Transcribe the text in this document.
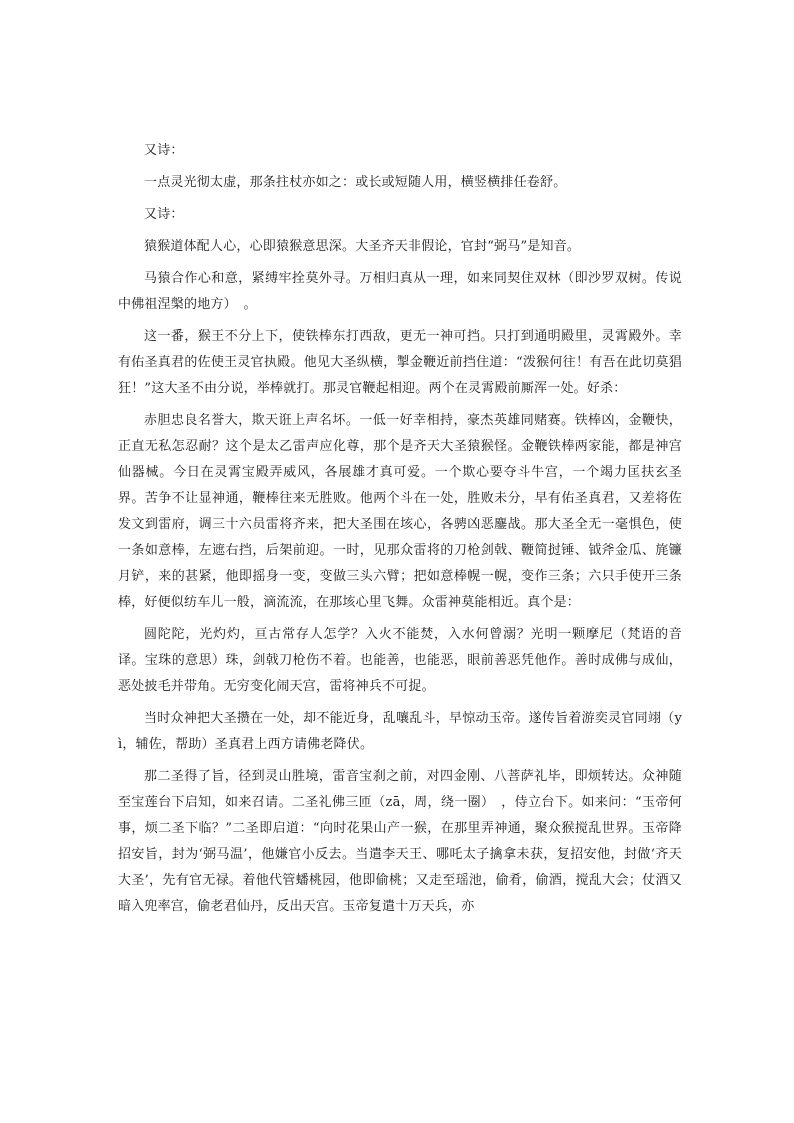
又诗：

一点灵光彻太虚，那条拄杖亦如之：或长或短随人用，横竖横排任卷舒。

又诗：

猿猴道体配人心，心即猿猴意思深。大圣齐天非假论，官封“弼马”是知音。

马猿合作心和意，紧缚牢拴莫外寻。万相归真从一理，如来同契住双林（即沙罗双树。传说中佛祖涅槃的地方）　。

这一番，猴王不分上下，使铁棒东打西敌，更无一神可挡。只打到通明殿里，灵霄殿外。幸有佑圣真君的佐使王灵官执殿。他见大圣纵横，掣金鞭近前挡住道：“泼猴何往！有吾在此切莫猖狂！”这大圣不由分说，举棒就打。那灵官鞭起相迎。两个在灵霄殿前厮浑一处。好杀：

赤胆忠良名誉大，欺天诳上声名坏。一低一好幸相持，豪杰英雄同赌赛。铁棒凶，金鞭快，正直无私怎忍耐？这个是太乙雷声应化尊，那个是齐天大圣猿猴怪。金鞭铁棒两家能，都是神宫仙器械。今日在灵霄宝殿弄威风，各展雄才真可爱。一个欺心要夺斗牛宫，一个竭力匡扶玄圣界。苦争不让显神通，鞭棒往来无胜败。他两个斗在一处，胜败未分，早有佑圣真君，又差将佐发文到雷府，调三十六员雷将齐来，把大圣围在垓心，各骋凶恶鏖战。那大圣全无一毫惧色，使一条如意棒，左遮右挡，后架前迎。一时，见那众雷将的刀枪剑戟、鞭简挝锤、钺斧金瓜、旄镰月铲，来的甚紧，他即摇身一变，变做三头六臂；把如意棒幌一幌，变作三条；六只手使开三条棒，好便似纺车儿一般，滴流流，在那垓心里飞舞。众雷神莫能相近。真个是：

圆陀陀，光灼灼，亘古常存人怎学？入火不能焚，入水何曾溺？光明一颗摩尼（梵语的音译。宝珠的意思）珠，剑戟刀枪伤不着。也能善，也能恶，眼前善恶凭他作。善时成佛与成仙，恶处披毛并带角。无穷变化闹天宫，雷将神兵不可捉。

当时众神把大圣攒在一处，却不能近身，乱嚷乱斗，早惊动玉帝。遂传旨着游奕灵官同翊（yì，辅佐，帮助）圣真君上西方请佛老降伏。

那二圣得了旨，径到灵山胜境，雷音宝刹之前，对四金刚、八菩萨礼毕，即烦转达。众神随至宝莲台下启知，如来召请。二圣礼佛三匝（zā，周，绕一圈）　，侍立台下。如来问：“玉帝何事，烦二圣下临？”二圣即启道：“向时花果山产一猴，在那里弄神通，聚众猴搅乱世界。玉帝降招安旨，封为‘弼马温’，他嫌官小反去。当遣李天王、哪吒太子擒拿未获，复招安他，封做‘齐天大圣’，先有官无禄。着他代管蟠桃园，他即偷桃；又走至瑶池，偷肴，偷酒，搅乱大会；仗酒又暗入兜率宫，偷老君仙丹，反出天宫。玉帝复遣十万天兵，亦
